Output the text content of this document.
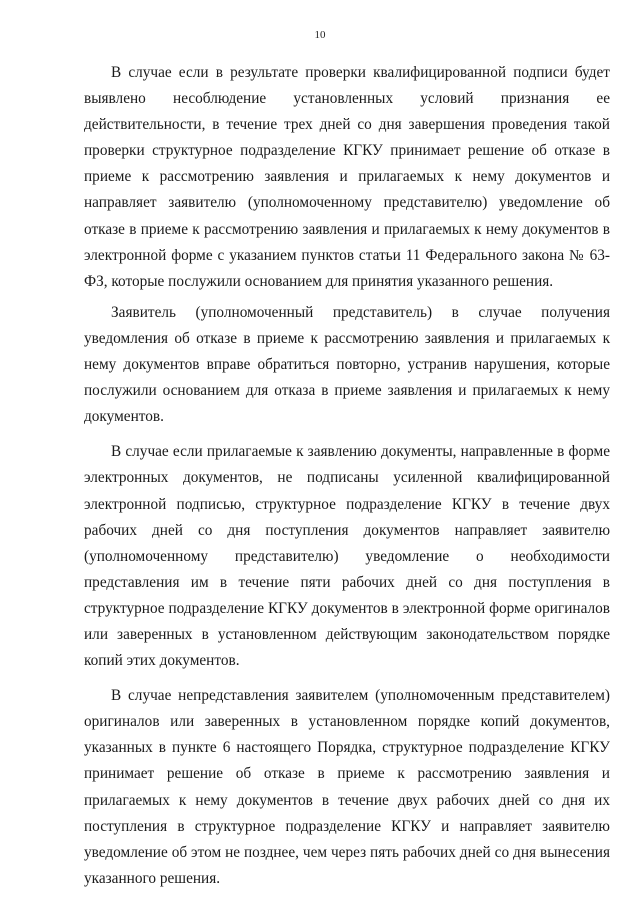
10

В случае если в результате проверки квалифицированной подписи будет выявлено несоблюдение установленных условий признания ее действительности, в течение трех дней со дня завершения проведения такой проверки структурное подразделение КГКУ принимает решение об отказе в приеме к рассмотрению заявления и прилагаемых к нему документов и направляет заявителю (уполномоченному представителю) уведомление об отказе в приеме к рассмотрению заявления и прилагаемых к нему документов в электронной форме с указанием пунктов статьи 11 Федерального закона № 63-ФЗ, которые послужили основанием для принятия указанного решения.

Заявитель (уполномоченный представитель) в случае получения уведомления об отказе в приеме к рассмотрению заявления и прилагаемых к нему документов вправе обратиться повторно, устранив нарушения, которые послужили основанием для отказа в приеме заявления и прилагаемых к нему документов.

В случае если прилагаемые к заявлению документы, направленные в форме электронных документов, не подписаны усиленной квалифицированной электронной подписью, структурное подразделение КГКУ в течение двух рабочих дней со дня поступления документов направляет заявителю (уполномоченному представителю) уведомление о необходимости представления им в течение пяти рабочих дней со дня поступления в структурное подразделение КГКУ документов в электронной форме оригиналов или заверенных в установленном действующим законодательством порядке копий этих документов.

В случае непредставления заявителем (уполномоченным представителем) оригиналов или заверенных в установленном порядке копий документов, указанных в пункте 6 настоящего Порядка, структурное подразделение КГКУ принимает решение об отказе в приеме к рассмотрению заявления и прилагаемых к нему документов в течение двух рабочих дней со дня их поступления в структурное подразделение КГКУ и направляет заявителю уведомление об этом не позднее, чем через пять рабочих дней со дня вынесения указанного решения.
